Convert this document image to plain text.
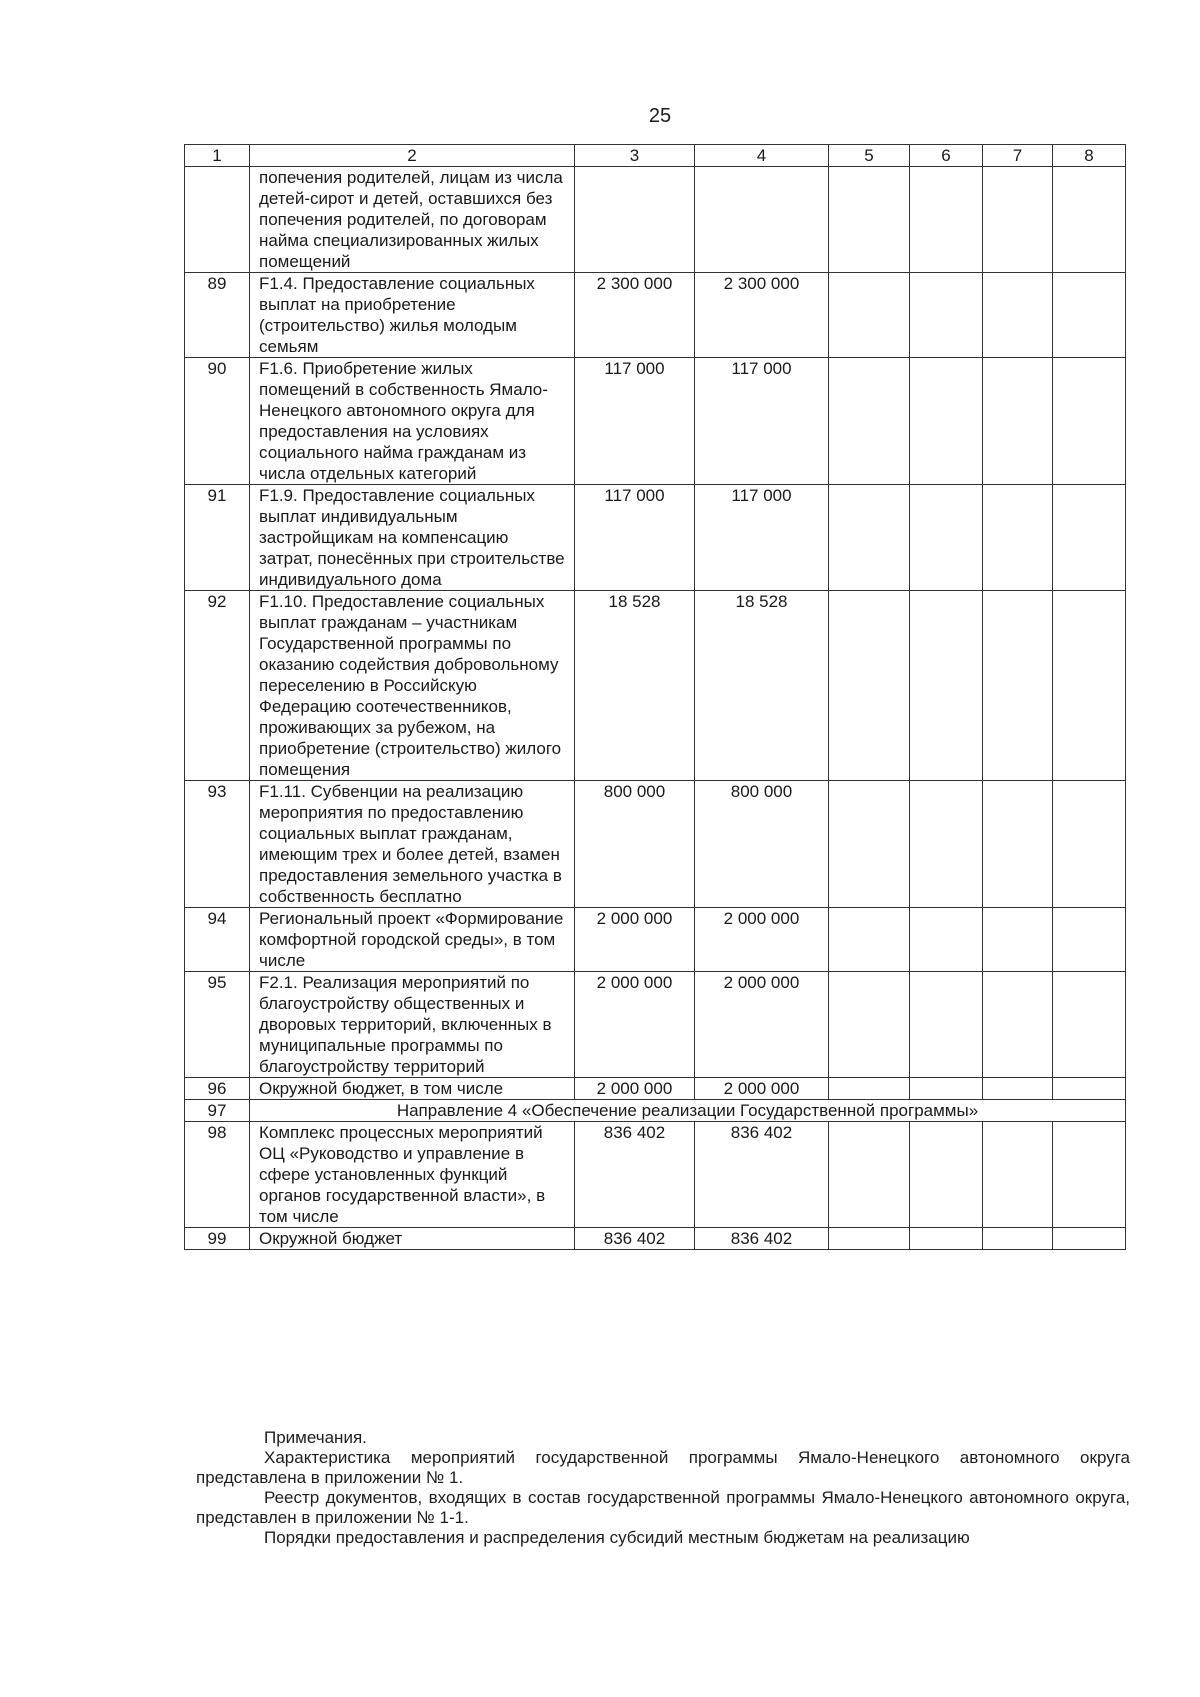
25
1	2	3	4	5	6	7	8
	попечения родителей, лицам из числа детей-сирот и детей, оставшихся без попечения родителей, по договорам найма специализированных жилых помещений						
89	F1.4. Предоставление социальных выплат на приобретение (строительство) жилья молодым семьям	2 300 000	2 300 000				
90	F1.6. Приобретение жилых помещений в собственность Ямало-Ненецкого автономного округа для предоставления на условиях социального найма гражданам из числа отдельных категорий	117 000	117 000				
91	F1.9. Предоставление социальных выплат индивидуальным застройщикам на компенсацию затрат, понесённых при строительстве индивидуального дома	117 000	117 000				
92	F1.10. Предоставление социальных выплат гражданам – участникам Государственной программы по оказанию содействия добровольному переселению в Российскую Федерацию соотечественников, проживающих за рубежом, на приобретение (строительство) жилого помещения	18 528	18 528				
93	F1.11. Субвенции на реализацию мероприятия по предоставлению социальных выплат гражданам, имеющим трех и более детей, взамен предоставления земельного участка в собственность бесплатно	800 000	800 000				
94	Региональный проект «Формирование комфортной городской среды», в том числе	2 000 000	2 000 000				
95	F2.1. Реализация мероприятий по благоустройству общественных и дворовых территорий, включенных в муниципальные программы по благоустройству территорий	2 000 000	2 000 000				
96	Окружной бюджет, в том числе	2 000 000	2 000 000				
97	Направление 4 «Обеспечение реализации Государственной программы»						
98	Комплекс процессных мероприятий ОЦ «Руководство и управление в сфере установленных функций органов государственной власти», в том числе	836 402	836 402				
99	Окружной бюджет	836 402	836 402				

Примечания.

Характеристика мероприятий государственной программы Ямало-Ненецкого автономного округа представлена в приложении № 1.

Реестр документов, входящих в состав государственной программы Ямало-Ненецкого автономного округа, представлен в приложении № 1-1.

Порядки предоставления и распределения субсидий местным бюджетам на реализацию
